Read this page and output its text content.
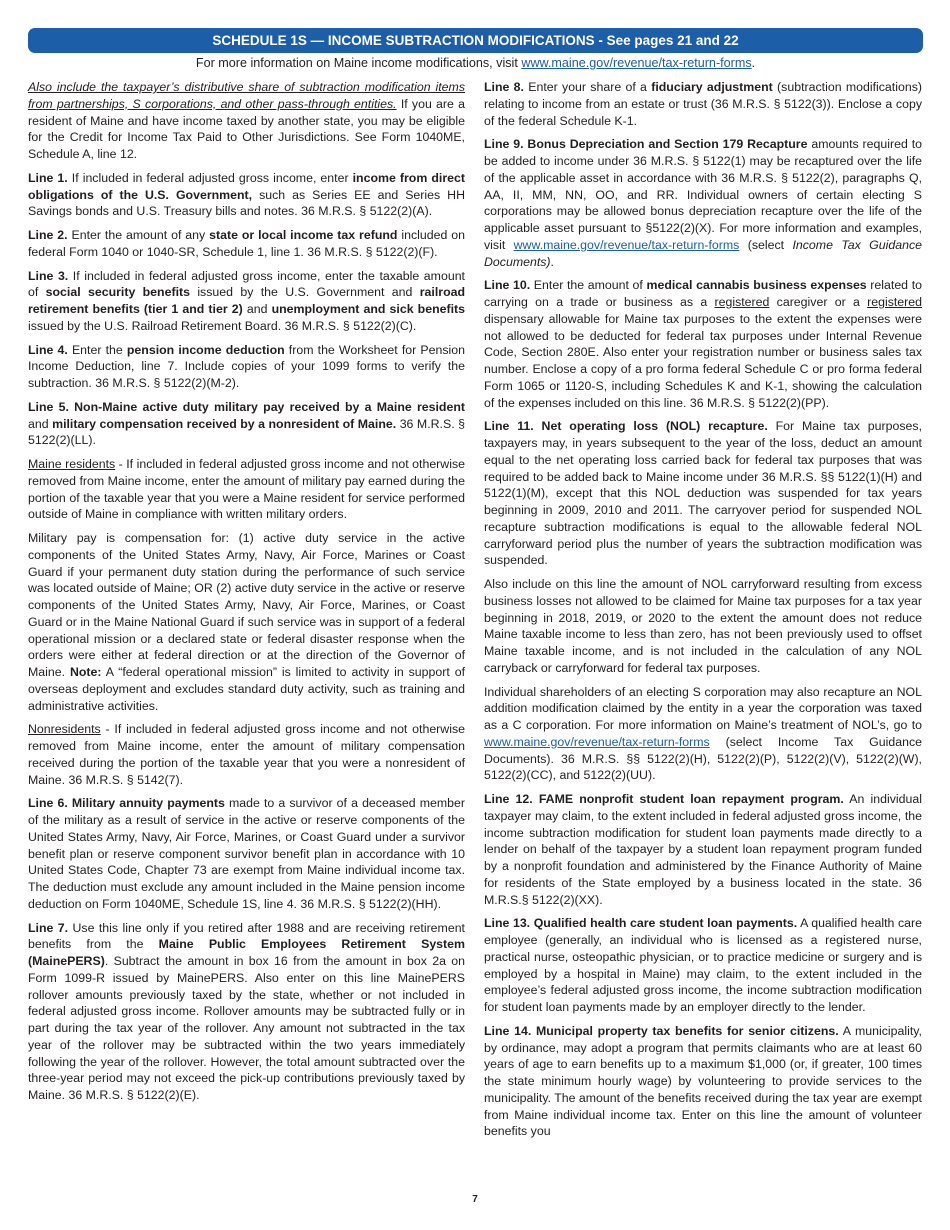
SCHEDULE 1S — INCOME SUBTRACTION MODIFICATIONS - See pages 21 and 22
For more information on Maine income modifications, visit www.maine.gov/revenue/tax-return-forms.

Also include the taxpayer’s distributive share of subtraction modification items from partnerships, S corporations, and other pass-through entities. If you are a resident of Maine and have income taxed by another state, you may be eligible for the Credit for Income Tax Paid to Other Jurisdictions. See Form 1040ME, Schedule A, line 12.

Line 1. If included in federal adjusted gross income, enter income from direct obligations of the U.S. Government, such as Series EE and Series HH Savings bonds and U.S. Treasury bills and notes. 36 M.R.S. § 5122(2)(A).

Line 2. Enter the amount of any state or local income tax refund included on federal Form 1040 or 1040-SR, Schedule 1, line 1. 36 M.R.S. § 5122(2)(F).

Line 3. If included in federal adjusted gross income, enter the taxable amount of social security benefits issued by the U.S. Government and railroad retirement benefits (tier 1 and tier 2) and unemployment and sick benefits issued by the U.S. Railroad Retirement Board. 36 M.R.S. § 5122(2)(C).

Line 4. Enter the pension income deduction from the Worksheet for Pension Income Deduction, line 7. Include copies of your 1099 forms to verify the subtraction. 36 M.R.S. § 5122(2)(M-2).

Line 5. Non-Maine active duty military pay received by a Maine resident and military compensation received by a nonresident of Maine. 36 M.R.S. § 5122(2)(LL).

Maine residents - If included in federal adjusted gross income and not otherwise removed from Maine income, enter the amount of military pay earned during the portion of the taxable year that you were a Maine resident for service performed outside of Maine in compliance with written military orders.

Military pay is compensation for: (1) active duty service in the active components of the United States Army, Navy, Air Force, Marines or Coast Guard if your permanent duty station during the performance of such service was located outside of Maine; OR (2) active duty service in the active or reserve components of the United States Army, Navy, Air Force, Marines, or Coast Guard or in the Maine National Guard if such service was in support of a federal operational mission or a declared state or federal disaster response when the orders were either at federal direction or at the direction of the Governor of Maine. Note: A “federal operational mission” is limited to activity in support of overseas deployment and excludes standard duty activity, such as training and administrative activities.

Nonresidents - If included in federal adjusted gross income and not otherwise removed from Maine income, enter the amount of military compensation received during the portion of the taxable year that you were a nonresident of Maine. 36 M.R.S. § 5142(7).

Line 6. Military annuity payments made to a survivor of a deceased member of the military as a result of service in the active or reserve components of the United States Army, Navy, Air Force, Marines, or Coast Guard under a survivor benefit plan or reserve component survivor benefit plan in accordance with 10 United States Code, Chapter 73 are exempt from Maine individual income tax. The deduction must exclude any amount included in the Maine pension income deduction on Form 1040ME, Schedule 1S, line 4. 36 M.R.S. § 5122(2)(HH).

Line 7. Use this line only if you retired after 1988 and are receiving retirement benefits from the Maine Public Employees Retirement System (MainePERS). Subtract the amount in box 16 from the amount in box 2a on Form 1099-R issued by MainePERS. Also enter on this line MainePERS rollover amounts previously taxed by the state, whether or not included in federal adjusted gross income. Rollover amounts may be subtracted fully or in part during the tax year of the rollover. Any amount not subtracted in the tax year of the rollover may be subtracted within the two years immediately following the year of the rollover. However, the total amount subtracted over the three-year period may not exceed the pick-up contributions previously taxed by Maine. 36 M.R.S. § 5122(2)(E).

Line 8. Enter your share of a fiduciary adjustment (subtraction modifications) relating to income from an estate or trust (36 M.R.S. § 5122(3)). Enclose a copy of the federal Schedule K-1.

Line 9. Bonus Depreciation and Section 179 Recapture amounts required to be added to income under 36 M.R.S. § 5122(1) may be recaptured over the life of the applicable asset in accordance with 36 M.R.S. § 5122(2), paragraphs Q, AA, II, MM, NN, OO, and RR. Individual owners of certain electing S corporations may be allowed bonus depreciation recapture over the life of the applicable asset pursuant to §5122(2)(X). For more information and examples, visit www.maine.gov/revenue/tax-return-forms (select Income Tax Guidance Documents).

Line 10. Enter the amount of medical cannabis business expenses related to carrying on a trade or business as a registered caregiver or a registered dispensary allowable for Maine tax purposes to the extent the expenses were not allowed to be deducted for federal tax purposes under Internal Revenue Code, Section 280E. Also enter your registration number or business sales tax number. Enclose a copy of a pro forma federal Schedule C or pro forma federal Form 1065 or 1120-S, including Schedules K and K-1, showing the calculation of the expenses included on this line. 36 M.R.S. § 5122(2)(PP).

Line 11. Net operating loss (NOL) recapture. For Maine tax purposes, taxpayers may, in years subsequent to the year of the loss, deduct an amount equal to the net operating loss carried back for federal tax purposes that was required to be added back to Maine income under 36 M.R.S. §§ 5122(1)(H) and 5122(1)(M), except that this NOL deduction was suspended for tax years beginning in 2009, 2010 and 2011. The carryover period for suspended NOL recapture subtraction modifications is equal to the allowable federal NOL carryforward period plus the number of years the subtraction modification was suspended.

Also include on this line the amount of NOL carryforward resulting from excess business losses not allowed to be claimed for Maine tax purposes for a tax year beginning in 2018, 2019, or 2020 to the extent the amount does not reduce Maine taxable income to less than zero, has not been previously used to offset Maine taxable income, and is not included in the calculation of any NOL carryback or carryforward for federal tax purposes.

Individual shareholders of an electing S corporation may also recapture an NOL addition modification claimed by the entity in a year the corporation was taxed as a C corporation. For more information on Maine’s treatment of NOL’s, go to www.maine.gov/revenue/tax-return-forms (select Income Tax Guidance Documents). 36 M.R.S. §§ 5122(2)(H), 5122(2)(P), 5122(2)(V), 5122(2)(W), 5122(2)(CC), and 5122(2)(UU).

Line 12. FAME nonprofit student loan repayment program. An individual taxpayer may claim, to the extent included in federal adjusted gross income, the income subtraction modification for student loan payments made directly to a lender on behalf of the taxpayer by a student loan repayment program funded by a nonprofit foundation and administered by the Finance Authority of Maine for residents of the State employed by a business located in the state. 36 M.R.S.§ 5122(2)(XX).

Line 13. Qualified health care student loan payments. A qualified health care employee (generally, an individual who is licensed as a registered nurse, practical nurse, osteopathic physician, or to practice medicine or surgery and is employed by a hospital in Maine) may claim, to the extent included in the employee’s federal adjusted gross income, the income subtraction modification for student loan payments made by an employer directly to the lender.

Line 14. Municipal property tax benefits for senior citizens. A municipality, by ordinance, may adopt a program that permits claimants who are at least 60 years of age to earn benefits up to a maximum $1,000 (or, if greater, 100 times the state minimum hourly wage) by volunteering to provide services to the municipality. The amount of the benefits received during the tax year are exempt from Maine individual income tax. Enter on this line the amount of volunteer benefits you

7
